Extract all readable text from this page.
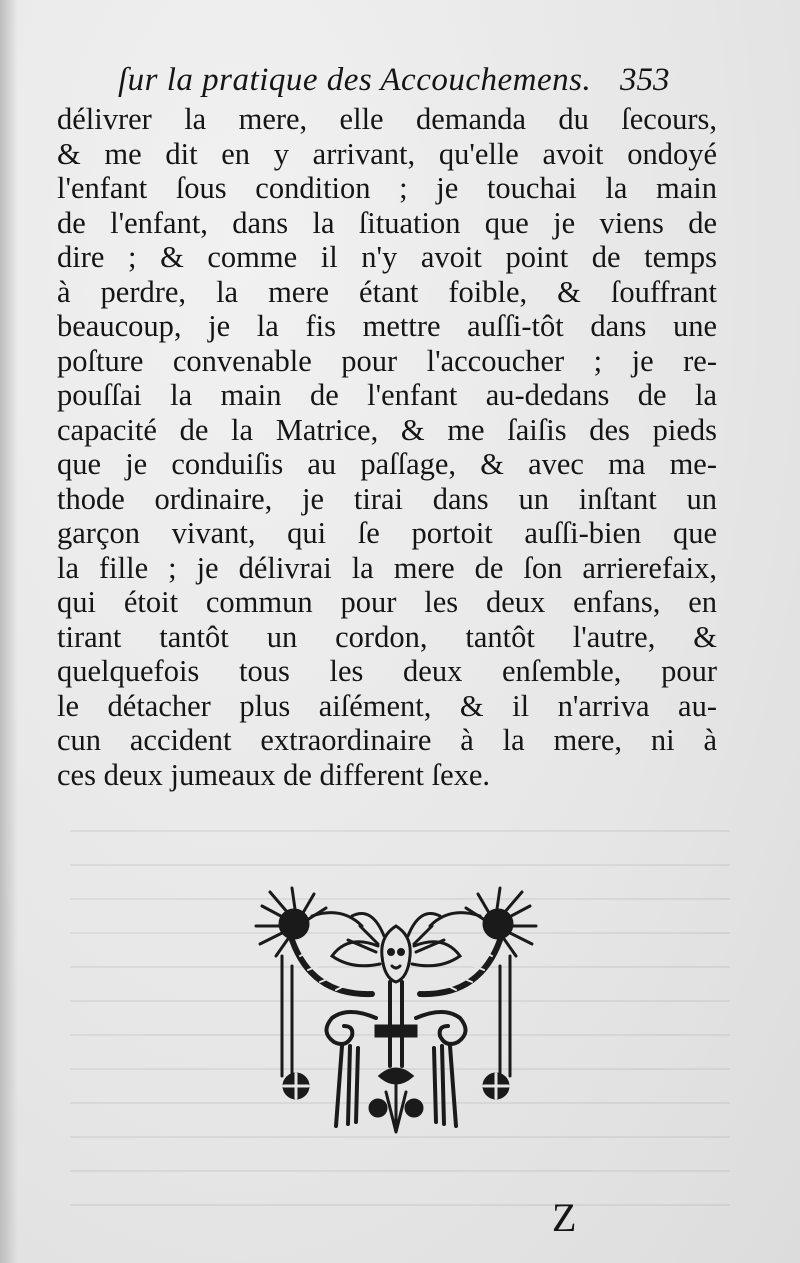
ſur la pratique des Accouchemens. 353
délivrer la mere, elle demanda du ſecours,
& me dit en y arrivant, qu'elle avoit ondoyé
l'enfant ſous condition ; je touchai la main
de l'enfant, dans la ſituation que je viens de
dire ; & comme il n'y avoit point de temps
à perdre, la mere étant foible, & ſouffrant
beaucoup, je la fis mettre auſſi-tôt dans une
poſture convenable pour l'accoucher ; je re-
pouſſai la main de l'enfant au-dedans de la
capacité de la Matrice, & me ſaiſis des pieds
que je conduiſis au paſſage, & avec ma me-
thode ordinaire, je tirai dans un inſtant un
garçon vivant, qui ſe portoit auſſi-bien que
la fille ; je délivrai la mere de ſon arrierefaix,
qui étoit commun pour les deux enfans, en
tirant tantôt un cordon, tantôt l'autre, &
quelquefois tous les deux enſemble, pour
le détacher plus aiſément, & il n'arriva au-
cun accident extraordinaire à la mere, ni à
ces deux jumeaux de different ſexe.
Z
